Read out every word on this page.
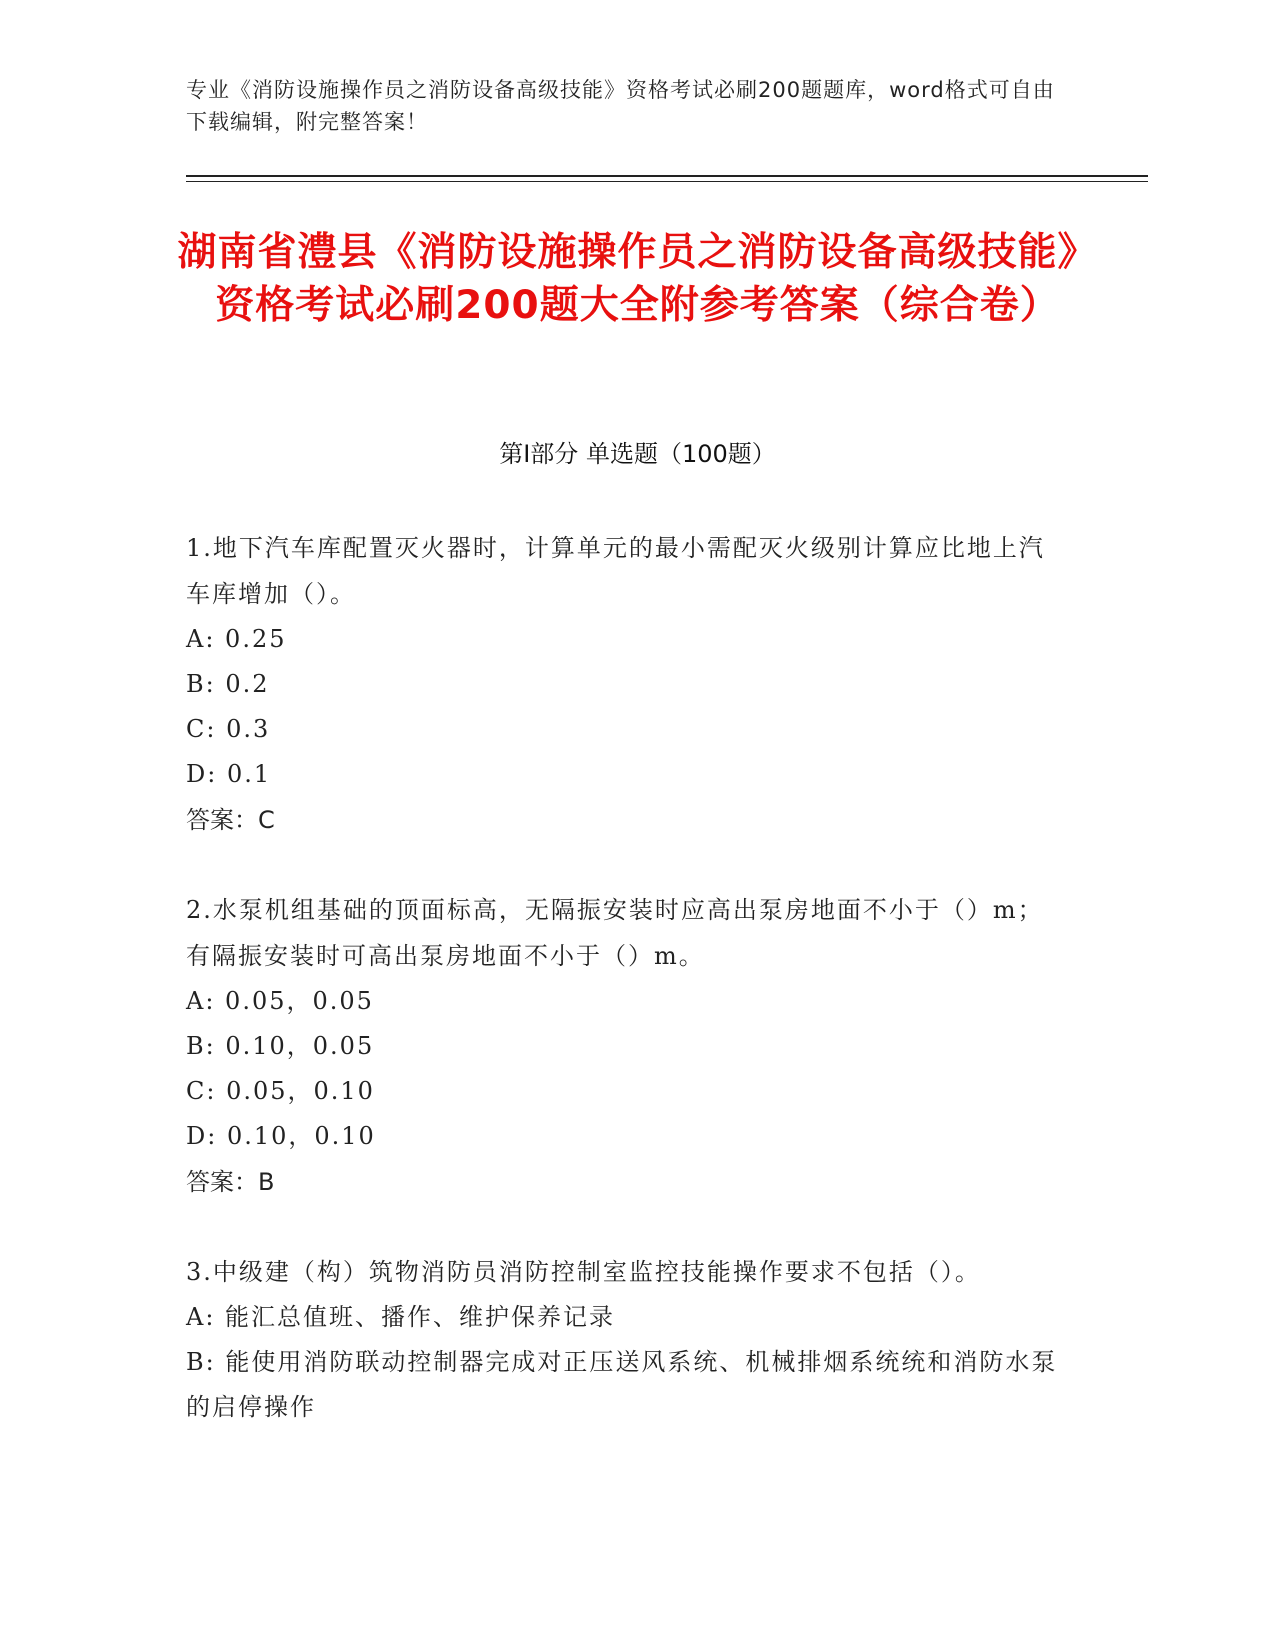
专业《消防设施操作员之消防设备高级技能》资格考试必刷200题题库，word格式可自由下载编辑，附完整答案！
湖南省澧县《消防设施操作员之消防设备高级技能》资格考试必刷200题大全附参考答案（综合卷）
第I部分 单选题（100题）

1.地下汽车库配置灭火器时，计算单元的最小需配灭火级别计算应比地上汽车库增加（）。

A: 0.25

B: 0.2

C: 0.3

D: 0.1

答案：C

2.水泵机组基础的顶面标高，无隔振安装时应高出泵房地面不小于（）m；有隔振安装时可高出泵房地面不小于（）m。

A: 0.05，0.05

B: 0.10，0.05

C: 0.05，0.10

D: 0.10，0.10

答案：B

3.中级建（构）筑物消防员消防控制室监控技能操作要求不包括（）。

A: 能汇总值班、播作、维护保养记录

B: 能使用消防联动控制器完成对正压送风系统、机械排烟系统统和消防水泵的启停操作
